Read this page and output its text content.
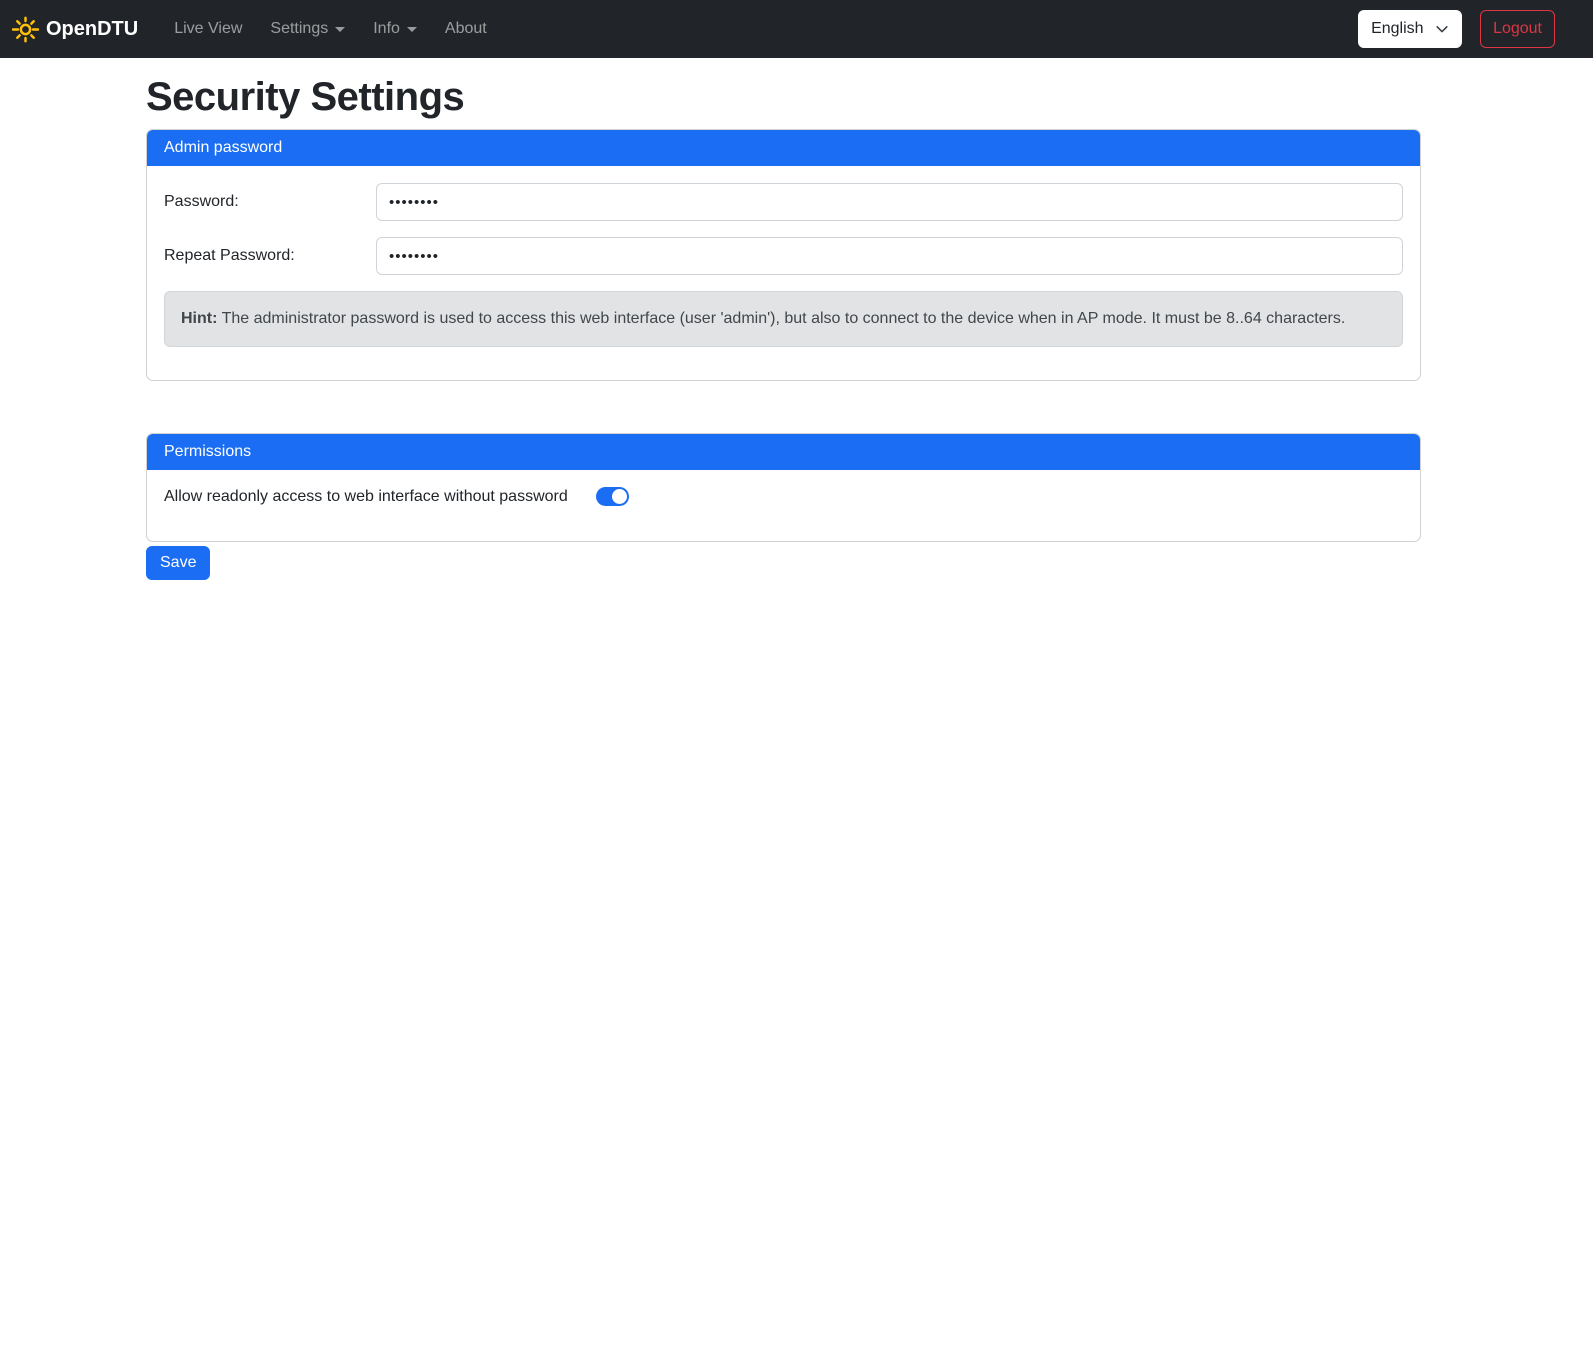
OpenDTU Live View Settings	Info	About	English	Logout
Security Settings
Admin password
Password:
Repeat Password:
Hint: The administrator password is used to access this web interface (user 'admin'), but also to connect to the device when in AP mode. It must be 8..64 characters.
Permissions
Allow readonly access to web interface without password
Save
